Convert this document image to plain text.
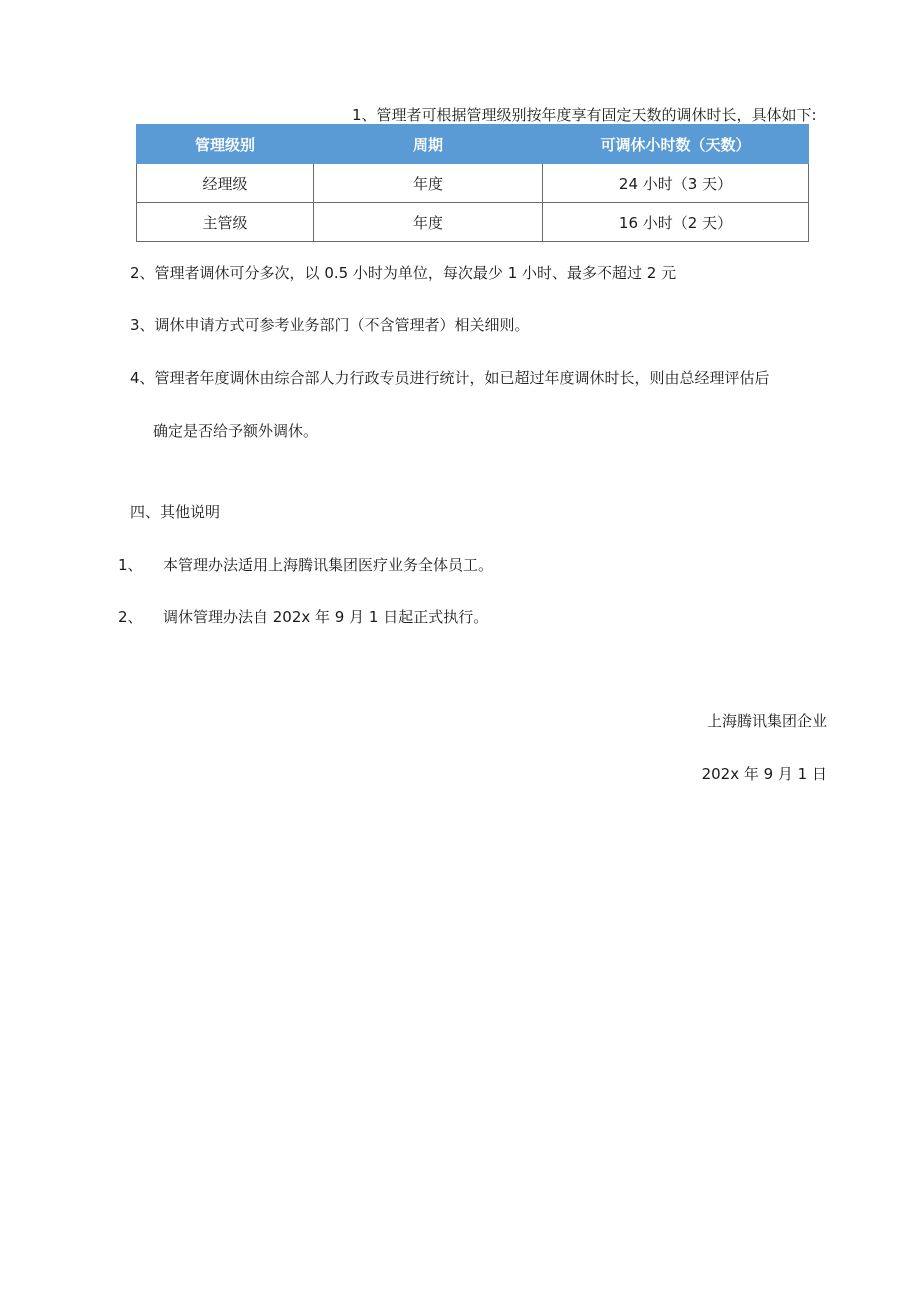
1、管理者可根据管理级别按年度享有固定天数的调休时长，具体如下:
管理级别	周期	可调休小时数（天数）
经理级	年度	24 小时（3 天）
主管级	年度	16 小时（2 天）
2、管理者调休可分多次，以 0.5 小时为单位，每次最少 1 小时、最多不超过 2 元
3、调休申请方式可参考业务部门（不含管理者）相关细则。
4、管理者年度调休由综合部人力行政专员进行统计，如已超过年度调休时长，则由总经理评估后
确定是否给予额外调休。
四、其他说明
1、 本管理办法适用上海腾讯集团医疗业务全体员工。
2、 调休管理办法自 202x 年 9 月 1 日起正式执行。
上海腾讯集团企业
202x 年 9 月 1 日
